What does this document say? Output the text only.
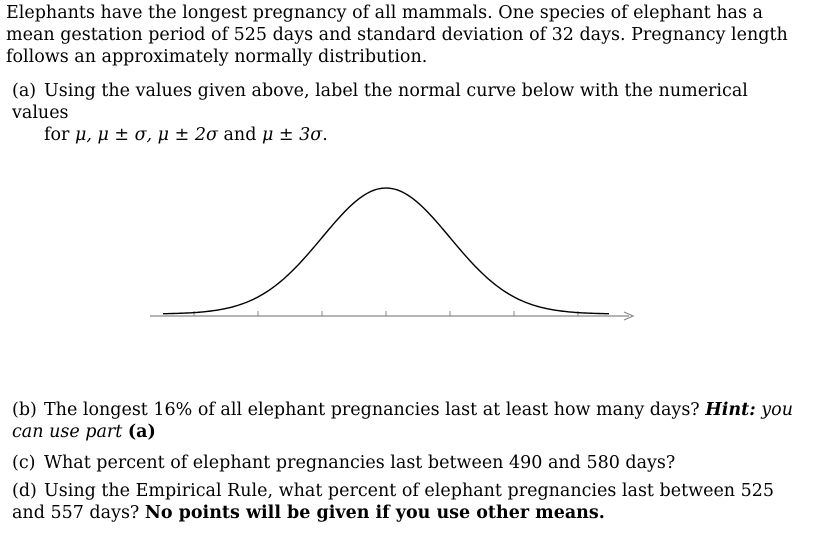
Elephants have the longest pregnancy of all mammals. One species of elephant has a mean gestation period of 525 days and standard deviation of 32 days. Pregnancy length follows an approximately normally distribution.
(a) Using the values given above, label the normal curve below with the numerical values
for μ, μ ± σ, μ ± 2σ and μ ± 3σ.
(b) The longest 16% of all elephant pregnancies last at least how many days? Hint: you can use part (a)
(c) What percent of elephant pregnancies last between 490 and 580 days?
(d) Using the Empirical Rule, what percent of elephant pregnancies last between 525 and 557 days? No points will be given if you use other means.
